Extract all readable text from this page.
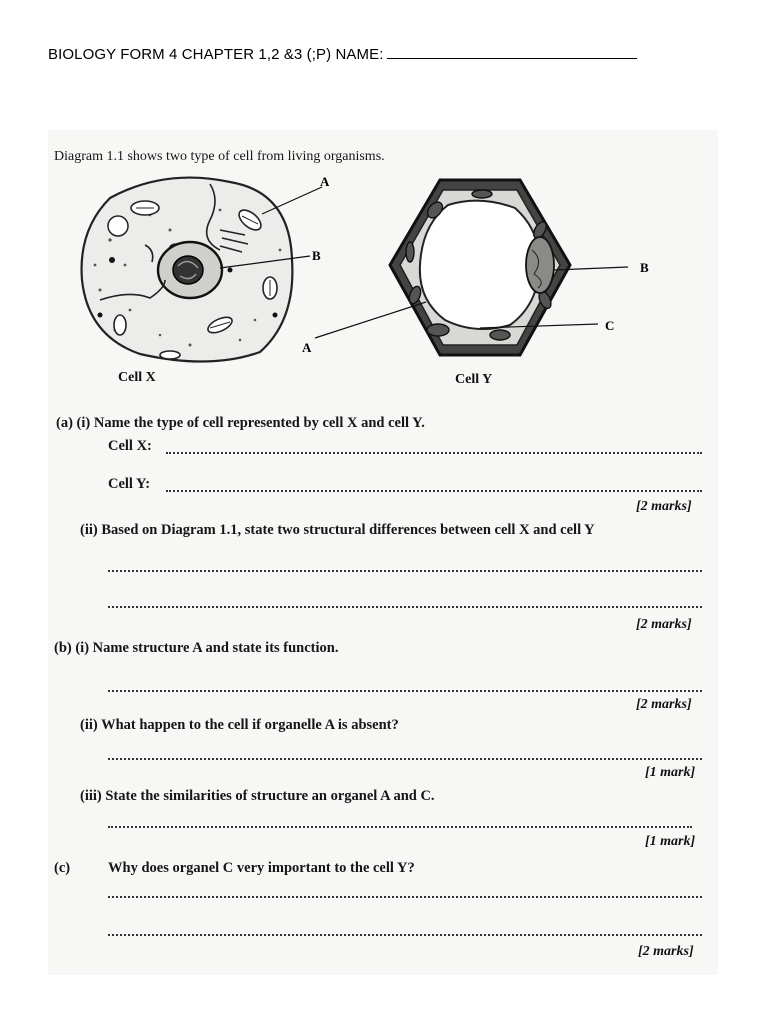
BIOLOGY FORM 4 CHAPTER 1,2 &3 (;P) NAME:
Diagram 1.1 shows two type of cell from living organisms.
A
B
A
B
C
Cell X	Cell Y
(a) (i) Name the type of cell represented by cell X and cell Y.
Cell X:
Cell Y:
[2 marks]
(ii) Based on Diagram 1.1, state two structural differences between cell X and cell Y
[2 marks]
(b) (i) Name structure A and state its function.
[2 marks]
(ii) What happen to the cell if organelle A is absent?
[1 mark]
(iii) State the similarities of structure an organel A and C.
[1 mark]
(c)	Why does organel C very important to the cell Y?
[2 marks]
